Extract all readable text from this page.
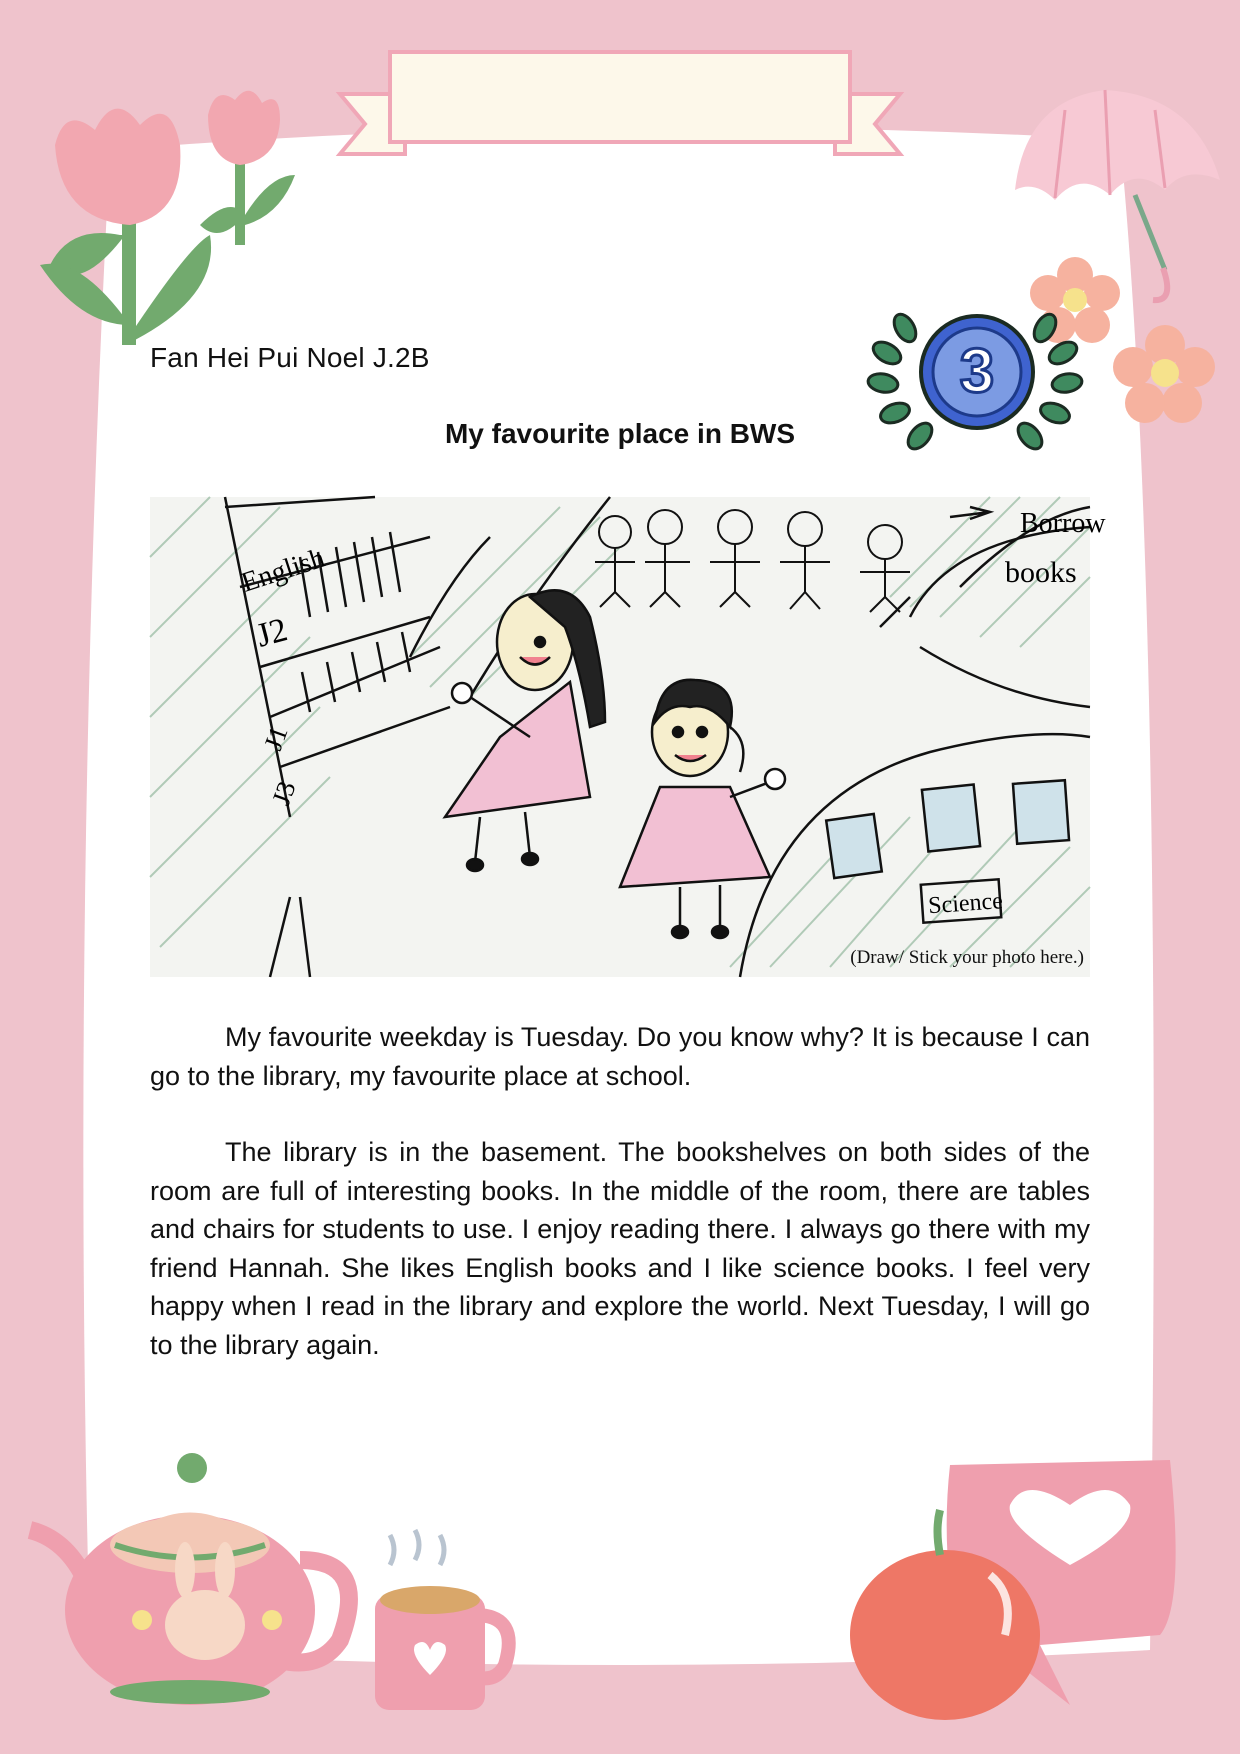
Fan Hei Pui Noel J.2B
My favourite place in BWS
3
English
J2
J1
J3
Science
Borrow
books
(Draw/ Stick your photo here.)

My favourite weekday is Tuesday. Do you know why? It is because I can go to the library, my favourite place at school.

The library is in the basement. The bookshelves on both sides of the room are full of interesting books. In the middle of the room, there are tables and chairs for students to use. I enjoy reading there. I always go there with my friend Hannah. She likes English books and I like science books. I feel very happy when I read in the library and explore the world. Next Tuesday, I will go to the library again.
